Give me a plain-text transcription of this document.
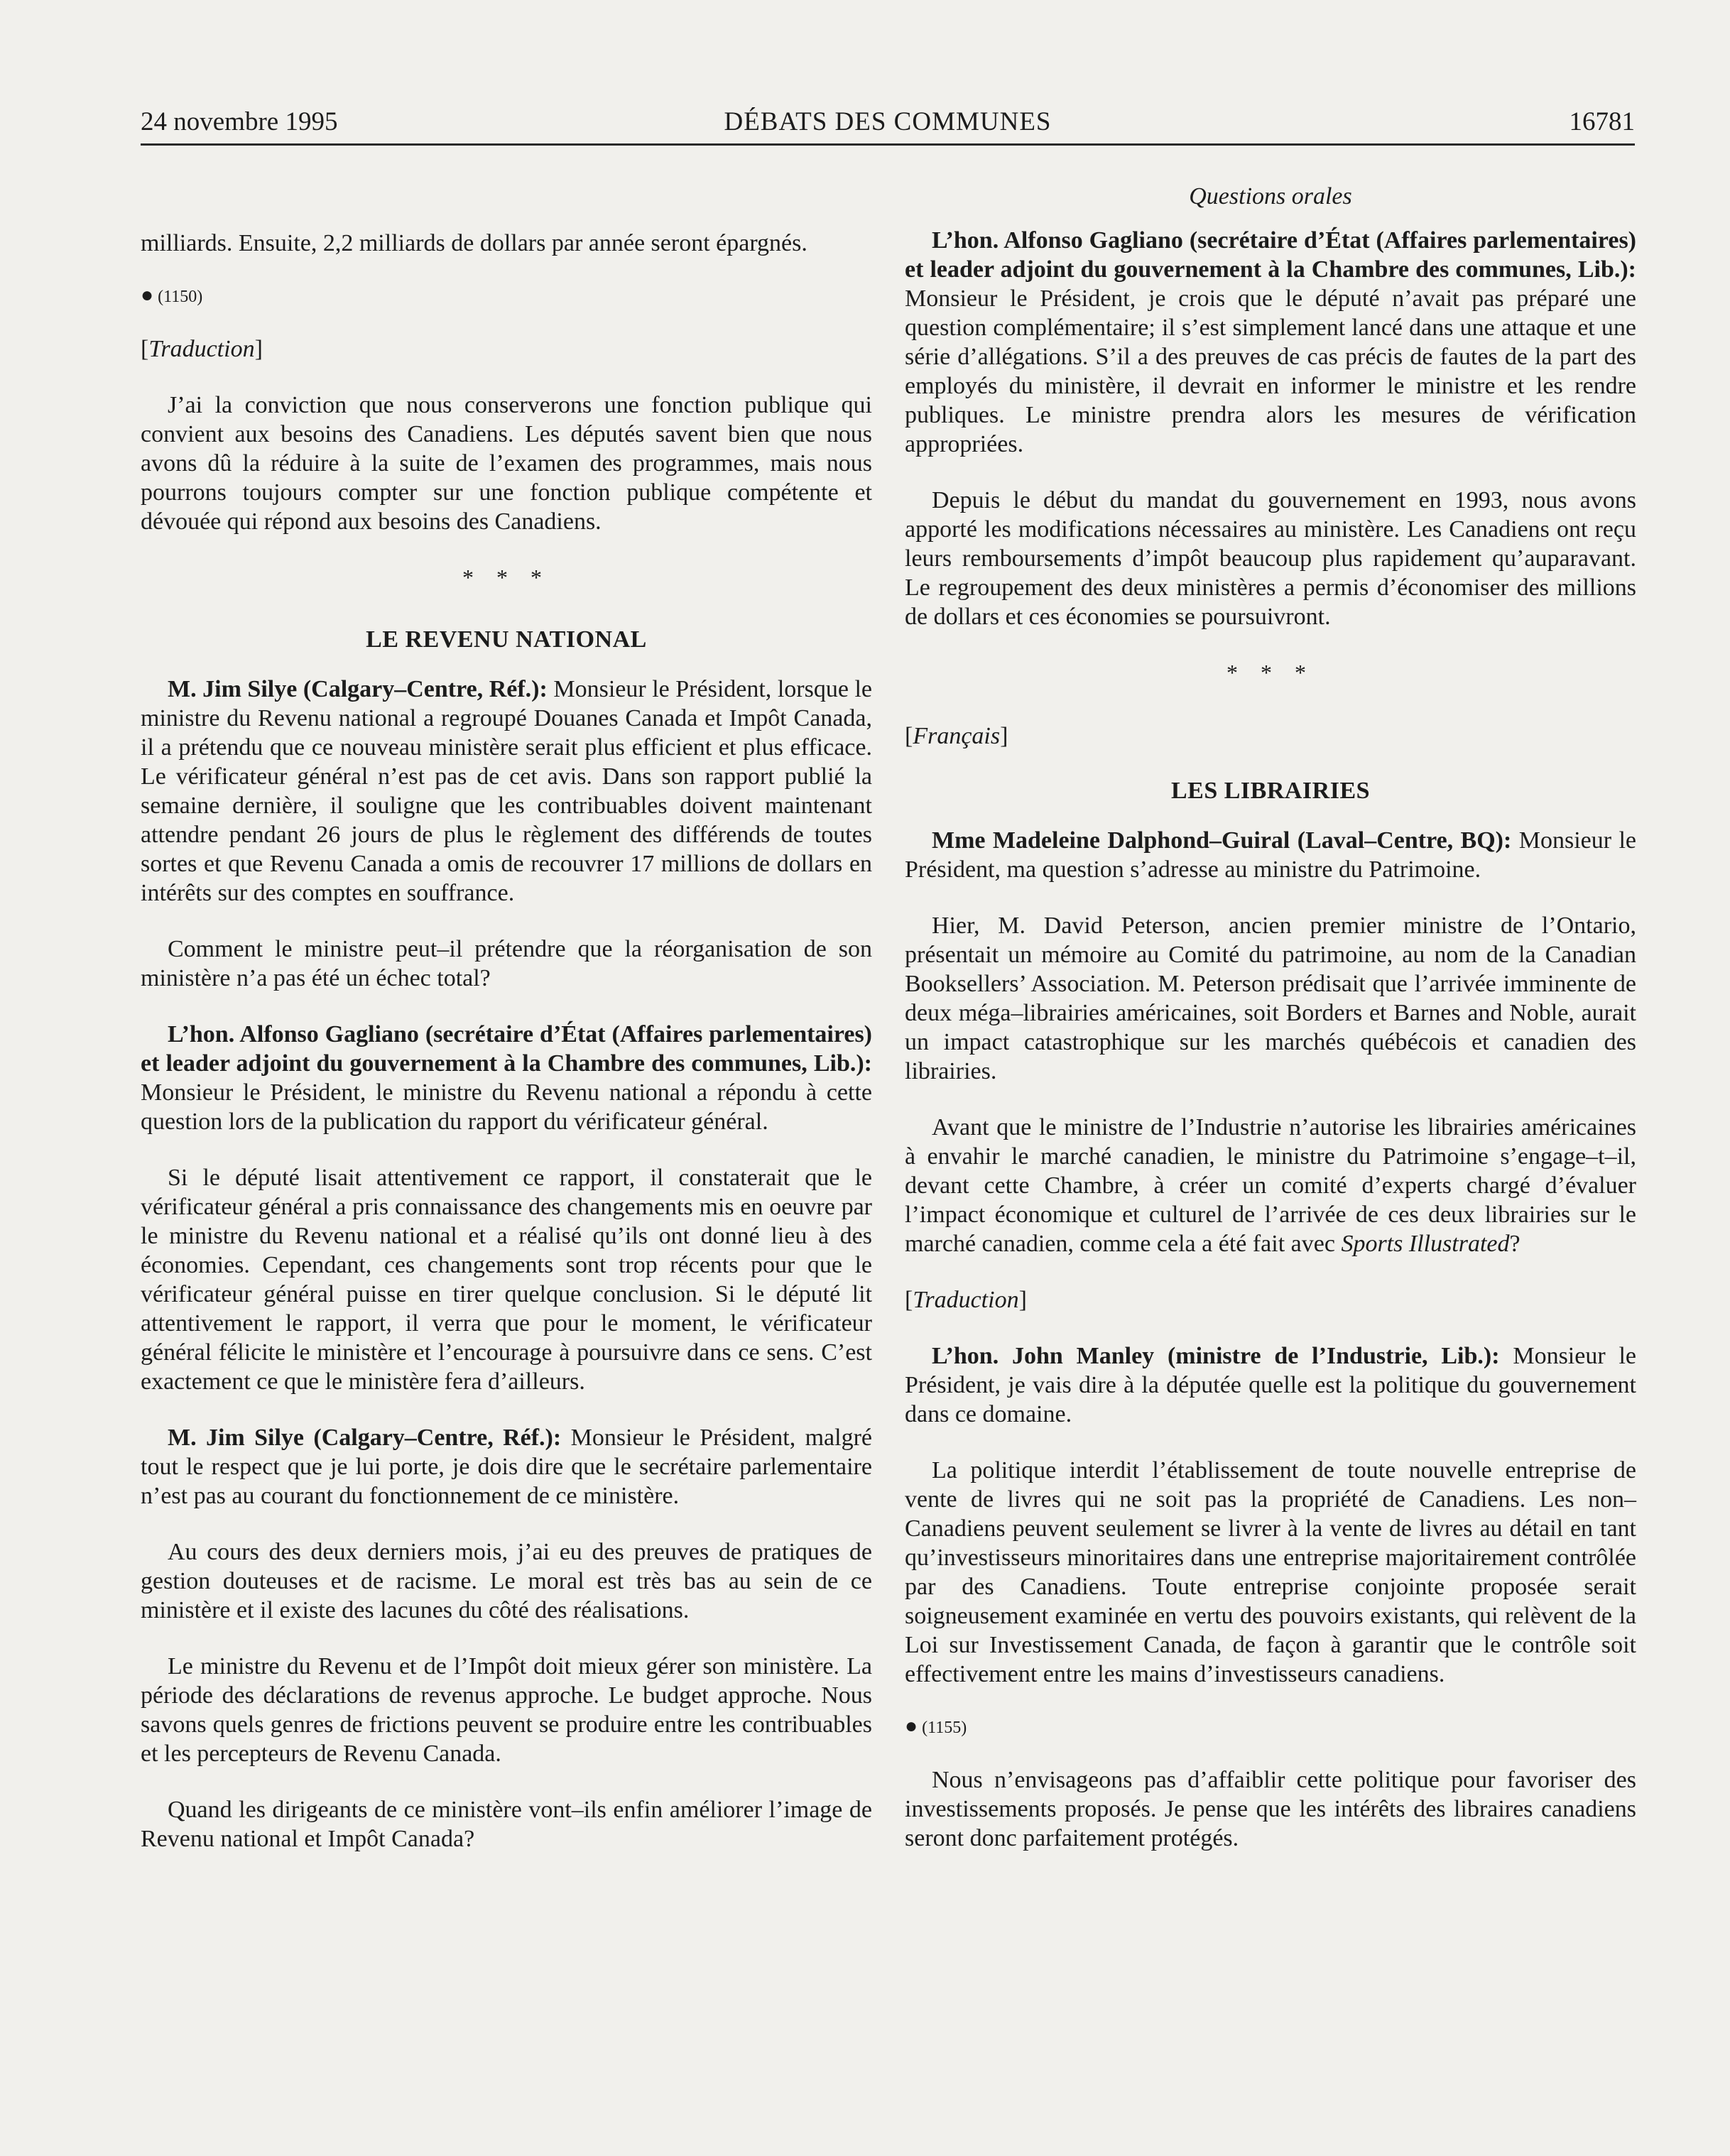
24 novembre 1995	DÉBATS DES COMMUNES	16781

milliards. Ensuite, 2,2 milliards de dollars par année seront épargnés.

● (1150)
[Traduction]

J’ai la conviction que nous conserverons une fonction publique qui convient aux besoins des Canadiens. Les députés savent bien que nous avons dû la réduire à la suite de l’examen des programmes, mais nous pourrons toujours compter sur une fonction publique compétente et dévouée qui répond aux besoins des Canadiens.

* * *
LE REVENU NATIONAL

M. Jim Silye (Calgary–Centre, Réf.): Monsieur le Président, lorsque le ministre du Revenu national a regroupé Douanes Canada et Impôt Canada, il a prétendu que ce nouveau ministère serait plus efficient et plus efficace. Le vérificateur général n’est pas de cet avis. Dans son rapport publié la semaine dernière, il souligne que les contribuables doivent maintenant attendre pendant 26 jours de plus le règlement des différends de toutes sortes et que Revenu Canada a omis de recouvrer 17 millions de dollars en intérêts sur des comptes en souffrance.

Comment le ministre peut–il prétendre que la réorganisation de son ministère n’a pas été un échec total?

L’hon. Alfonso Gagliano (secrétaire d’État (Affaires parlementaires) et leader adjoint du gouvernement à la Chambre des communes, Lib.): Monsieur le Président, le ministre du Revenu national a répondu à cette question lors de la publication du rapport du vérificateur général.

Si le député lisait attentivement ce rapport, il constaterait que le vérificateur général a pris connaissance des changements mis en oeuvre par le ministre du Revenu national et a réalisé qu’ils ont donné lieu à des économies. Cependant, ces changements sont trop récents pour que le vérificateur général puisse en tirer quelque conclusion. Si le député lit attentivement le rapport, il verra que pour le moment, le vérificateur général félicite le ministère et l’encourage à poursuivre dans ce sens. C’est exactement ce que le ministère fera d’ailleurs.

M. Jim Silye (Calgary–Centre, Réf.): Monsieur le Président, malgré tout le respect que je lui porte, je dois dire que le secrétaire parlementaire n’est pas au courant du fonctionnement de ce ministère.

Au cours des deux derniers mois, j’ai eu des preuves de pratiques de gestion douteuses et de racisme. Le moral est très bas au sein de ce ministère et il existe des lacunes du côté des réalisations.

Le ministre du Revenu et de l’Impôt doit mieux gérer son ministère. La période des déclarations de revenus approche. Le budget approche. Nous savons quels genres de frictions peuvent se produire entre les contribuables et les percepteurs de Revenu Canada.

Quand les dirigeants de ce ministère vont–ils enfin améliorer l’image de Revenu national et Impôt Canada?

Questions orales

L’hon. Alfonso Gagliano (secrétaire d’État (Affaires parlementaires) et leader adjoint du gouvernement à la Chambre des communes, Lib.): Monsieur le Président, je crois que le député n’avait pas préparé une question complémentaire; il s’est simplement lancé dans une attaque et une série d’allégations. S’il a des preuves de cas précis de fautes de la part des employés du ministère, il devrait en informer le ministre et les rendre publiques. Le ministre prendra alors les mesures de vérification appropriées.

Depuis le début du mandat du gouvernement en 1993, nous avons apporté les modifications nécessaires au ministère. Les Canadiens ont reçu leurs remboursements d’impôt beaucoup plus rapidement qu’auparavant. Le regroupement des deux ministères a permis d’économiser des millions de dollars et ces économies se poursuivront.

* * *
[Français]
LES LIBRAIRIES

Mme Madeleine Dalphond–Guiral (Laval–Centre, BQ): Monsieur le Président, ma question s’adresse au ministre du Patrimoine.

Hier, M. David Peterson, ancien premier ministre de l’Ontario, présentait un mémoire au Comité du patrimoine, au nom de la Canadian Booksellers’ Association. M. Peterson prédisait que l’arrivée imminente de deux méga–librairies américaines, soit Borders et Barnes and Noble, aurait un impact catastrophique sur les marchés québécois et canadien des librairies.

Avant que le ministre de l’Industrie n’autorise les librairies américaines à envahir le marché canadien, le ministre du Patrimoine s’engage–t–il, devant cette Chambre, à créer un comité d’experts chargé d’évaluer l’impact économique et culturel de l’arrivée de ces deux librairies sur le marché canadien, comme cela a été fait avec Sports Illustrated?

[Traduction]

L’hon. John Manley (ministre de l’Industrie, Lib.): Monsieur le Président, je vais dire à la députée quelle est la politique du gouvernement dans ce domaine.

La politique interdit l’établissement de toute nouvelle entreprise de vente de livres qui ne soit pas la propriété de Canadiens. Les non–Canadiens peuvent seulement se livrer à la vente de livres au détail en tant qu’investisseurs minoritaires dans une entreprise majoritairement contrôlée par des Canadiens. Toute entreprise conjointe proposée serait soigneusement examinée en vertu des pouvoirs existants, qui relèvent de la Loi sur Investissement Canada, de façon à garantir que le contrôle soit effectivement entre les mains d’investisseurs canadiens.

● (1155)

Nous n’envisageons pas d’affaiblir cette politique pour favoriser des investissements proposés. Je pense que les intérêts des libraires canadiens seront donc parfaitement protégés.
